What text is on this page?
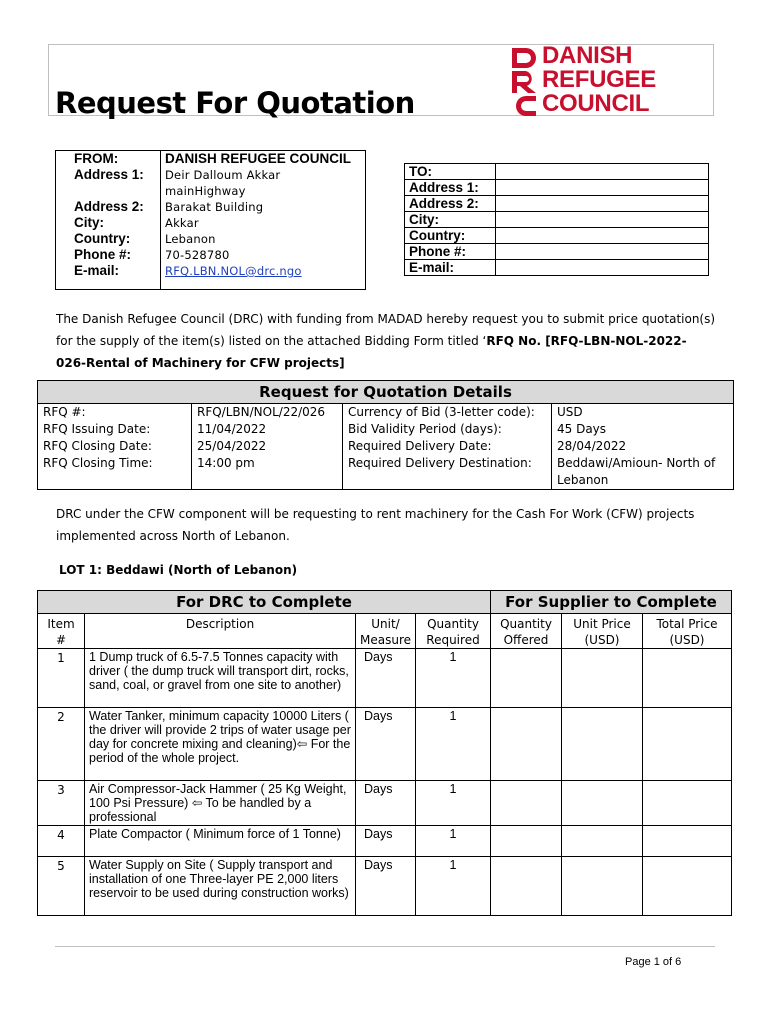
Request For Quotation
DANISH
REFUGEE
COUNCIL
FROM:	DANISH REFUGEE COUNCIL
Address 1:	Deir Dalloum Akkar mainHighway
Address 2:	Barakat Building
City:	Akkar
Country:	Lebanon
Phone #:	70-528780
E-mail:	RFQ.LBN.NOL@drc.ngo
TO:	
Address 1:	
Address 2:	
City:	
Country:	
Phone #:	
E-mail:	
The Danish Refugee Council (DRC) with funding from MADAD hereby request you to submit price quotation(s) for the supply of the item(s) listed on the attached Bidding Form titled ‘RFQ No. [RFQ-LBN-NOL-2022-026-Rental of Machinery for CFW projects]
Request for Quotation Details			
RFQ #:	RFQ/LBN/NOL/22/026	Currency of Bid (3-letter code):	USD
RFQ Issuing Date:	11/04/2022	Bid Validity Period (days):	45 Days
RFQ Closing Date:	25/04/2022	Required Delivery Date:	28/04/2022
RFQ Closing Time:	14:00 pm	Required Delivery Destination:	Beddawi/Amioun- North of Lebanon
DRC under the CFW component will be requesting to rent machinery for the Cash For Work (CFW) projects implemented across North of Lebanon.
LOT 1: Beddawi (North of Lebanon)
For DRC to Complete				For Supplier to Complete		
Item #	Description	Unit/ Measure	Quantity Required	Quantity Offered	Unit Price (USD)	Total Price (USD)
1	1 Dump truck of 6.5-7.5 Tonnes capacity with driver ( the dump truck will transport dirt, rocks, sand, coal, or gravel from one site to another)	Days	1			
2	Water Tanker, minimum capacity 10000 Liters ( the driver will provide 2 trips of water usage per day for concrete mixing and cleaning)⇦ For the period of the whole project.	Days	1			
3	Air Compressor-Jack Hammer ( 25 Kg Weight, 100 Psi Pressure) ⇦ To be handled by a professional	Days	1			
4	Plate Compactor ( Minimum force of 1 Tonne)	Days	1			
5	Water Supply on Site ( Supply transport and installation of one Three-layer PE 2,000 liters reservoir to be used during construction works)	Days	1			
Page 1 of 6
